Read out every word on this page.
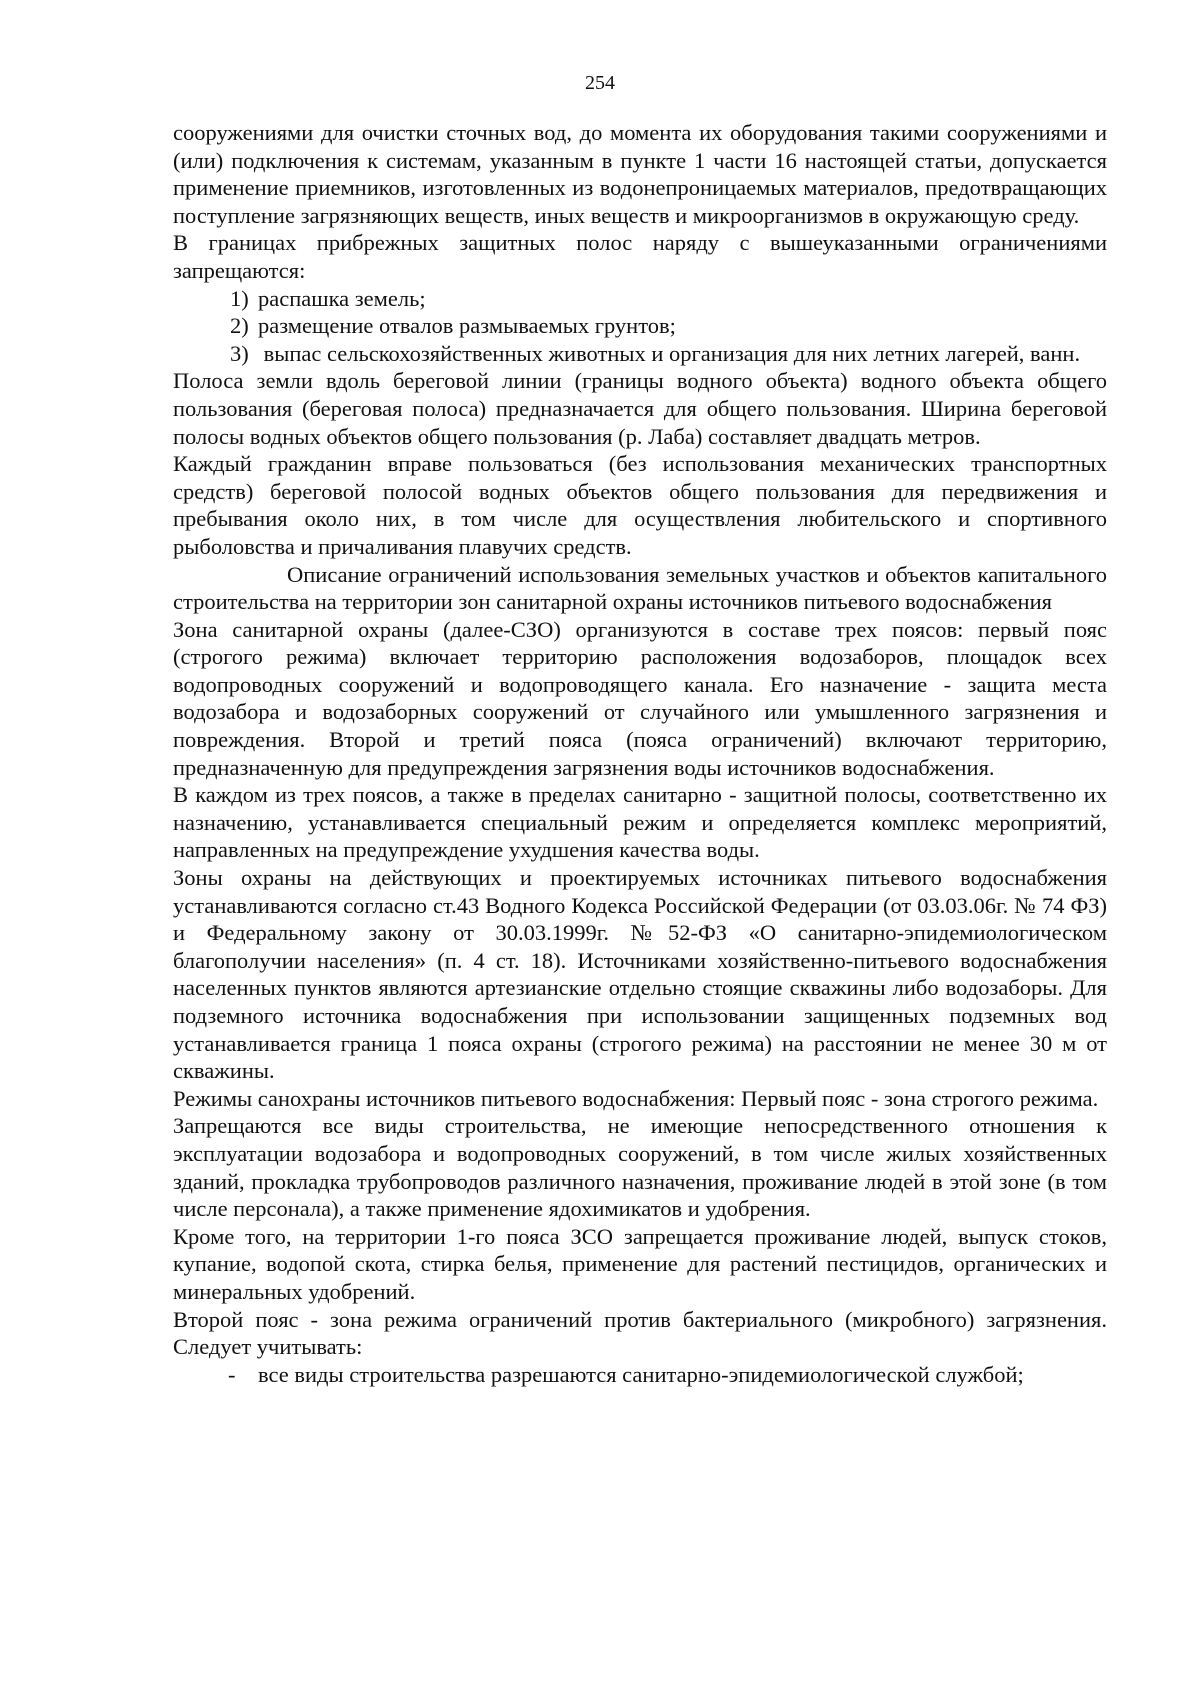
254

сооружениями для очистки сточных вод, до момента их оборудования такими сооружениями и (или) подключения к системам, указанным в пункте 1 части 16 настоящей статьи, допускается применение приемников, изготовленных из водонепроницаемых материалов, предотвращающих поступление загрязняющих веществ, иных веществ и микроорганизмов в окружающую среду.

В границах прибрежных защитных полос наряду с вышеуказанными ограничениями запрещаются:

1) распашка земель;
2) размещение отвалов размываемых грунтов;
3) выпас сельскохозяйственных животных и организация для них летних лагерей, ванн.

Полоса земли вдоль береговой линии (границы водного объекта) водного объекта общего пользования (береговая полоса) предназначается для общего пользования. Ширина береговой полосы водных объектов общего пользования (р. Лаба) составляет двадцать метров.

Каждый гражданин вправе пользоваться (без использования механических транспортных средств) береговой полосой водных объектов общего пользования для передвижения и пребывания около них, в том числе для осуществления любительского и спортивного рыболовства и причаливания плавучих средств.

Описание ограничений использования земельных участков и объектов капитального строительства на территории зон санитарной охраны источников питьевого водоснабжения

Зона санитарной охраны (далее-СЗО) организуются в составе трех поясов: первый пояс (строгого режима) включает территорию расположения водозаборов, площадок всех водопроводных сооружений и водопроводящего канала. Его назначение - защита места водозабора и водозаборных сооружений от случайного или умышленного загрязнения и повреждения. Второй и третий пояса (пояса ограничений) включают территорию, предназначенную для предупреждения загрязнения воды источников водоснабжения.

В каждом из трех поясов, а также в пределах санитарно - защитной полосы, соответственно их назначению, устанавливается специальный режим и определяется комплекс мероприятий, направленных на предупреждение ухудшения качества воды.

Зоны охраны на действующих и проектируемых источниках питьевого водоснабжения устанавливаются согласно ст.43 Водного Кодекса Российской Федерации (от 03.03.06г. № 74 ФЗ) и Федеральному закону от 30.03.1999г. №52-ФЗ «О санитарно-эпидемиологическом благополучии населения» (п. 4 ст. 18). Источниками хозяйственно-питьевого водоснабжения населенных пунктов являются артезианские отдельно стоящие скважины либо водозаборы. Для подземного источника водоснабжения при использовании защищенных подземных вод устанавливается граница 1 пояса охраны (строгого режима) на расстоянии не менее 30 м от скважины.

Режимы санохраны источников питьевого водоснабжения: Первый пояс - зона строгого режима.

Запрещаются все виды строительства, не имеющие непосредственного отношения к эксплуатации водозабора и водопроводных сооружений, в том числе жилых хозяйственных зданий, прокладка трубопроводов различного назначения, проживание людей в этой зоне (в том числе персонала), а также применение ядохимикатов и удобрения.

Кроме того, на территории 1-го пояса ЗСО запрещается проживание людей, выпуск стоков, купание, водопой скота, стирка белья, применение для растений пестицидов, органических и минеральных удобрений.

Второй пояс - зона режима ограничений против бактериального (микробного) загрязнения. Следует учитывать:

- все виды строительства разрешаются санитарно-эпидемиологической службой;
